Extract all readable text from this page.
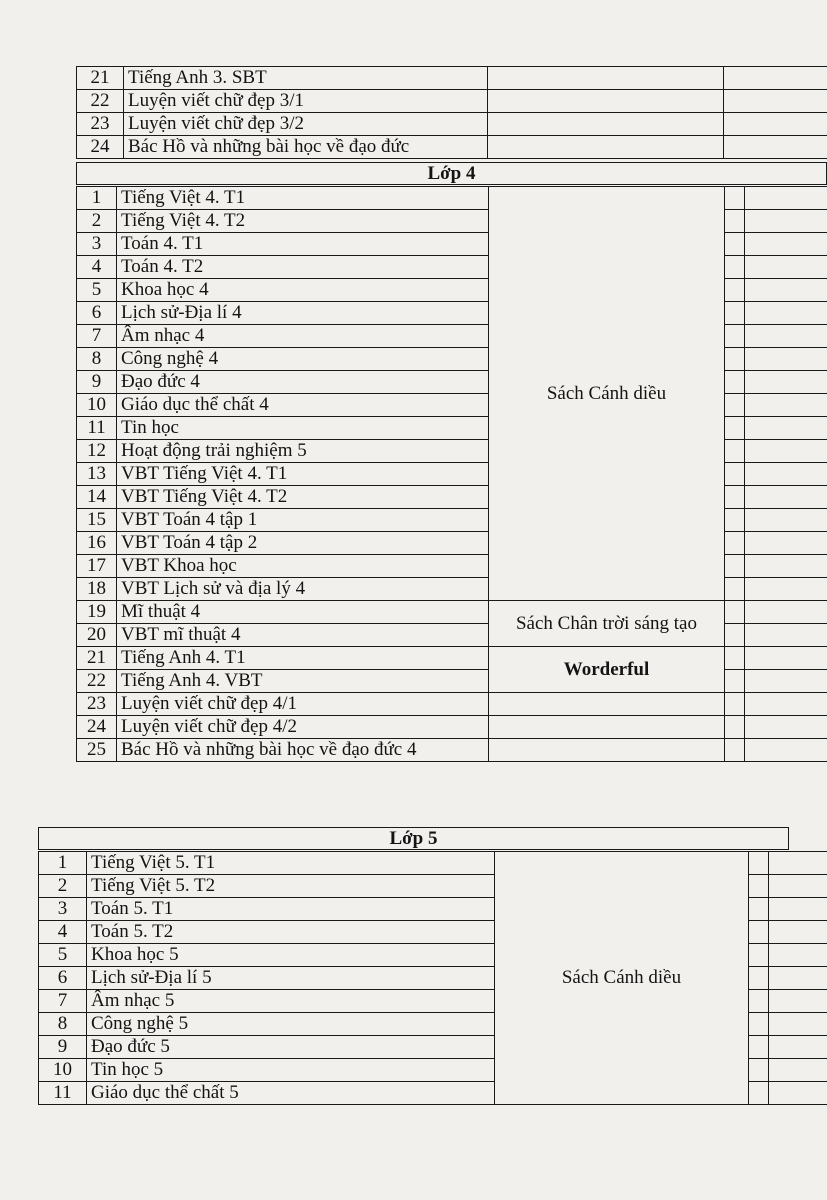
21	Tiếng Anh 3. SBT		
22	Luyện viết chữ đẹp 3/1		
23	Luyện viết chữ đẹp 3/2		
24	Bác Hồ và những bài học về đạo đức		
Lớp 4
1	Tiếng Việt 4. T1	Sách Cánh diều		
2	Tiếng Việt 4. T2			
3	Toán 4. T1			
4	Toán 4. T2			
5	Khoa học 4			
6	Lịch sử-Địa lí 4			
7	Âm nhạc 4			
8	Công nghệ 4			
9	Đạo đức 4			
10	Giáo dục thể chất 4			
11	Tin học			
12	Hoạt động trải nghiệm 5			
13	VBT Tiếng Việt 4. T1			
14	VBT Tiếng Việt 4. T2			
15	VBT Toán 4 tập 1			
16	VBT Toán 4 tập 2			
17	VBT Khoa học			
18	VBT Lịch sử và địa lý 4			
19	Mĩ thuật 4	Sách Chân trời sáng tạo		
20	VBT mĩ thuật 4			
21	Tiếng Anh 4. T1	Worderful		
22	Tiếng Anh 4. VBT			
23	Luyện viết chữ đẹp 4/1			
24	Luyện viết chữ đẹp 4/2			
25	Bác Hồ và những bài học về đạo đức 4			
Lớp 5
1	Tiếng Việt 5. T1	Sách Cánh diều		
2	Tiếng Việt 5. T2			
3	Toán 5. T1			
4	Toán 5. T2			
5	Khoa học 5			
6	Lịch sử-Địa lí 5			
7	Âm nhạc 5			
8	Công nghệ 5			
9	Đạo đức 5			
10	Tin học 5			
11	Giáo dục thể chất 5			
